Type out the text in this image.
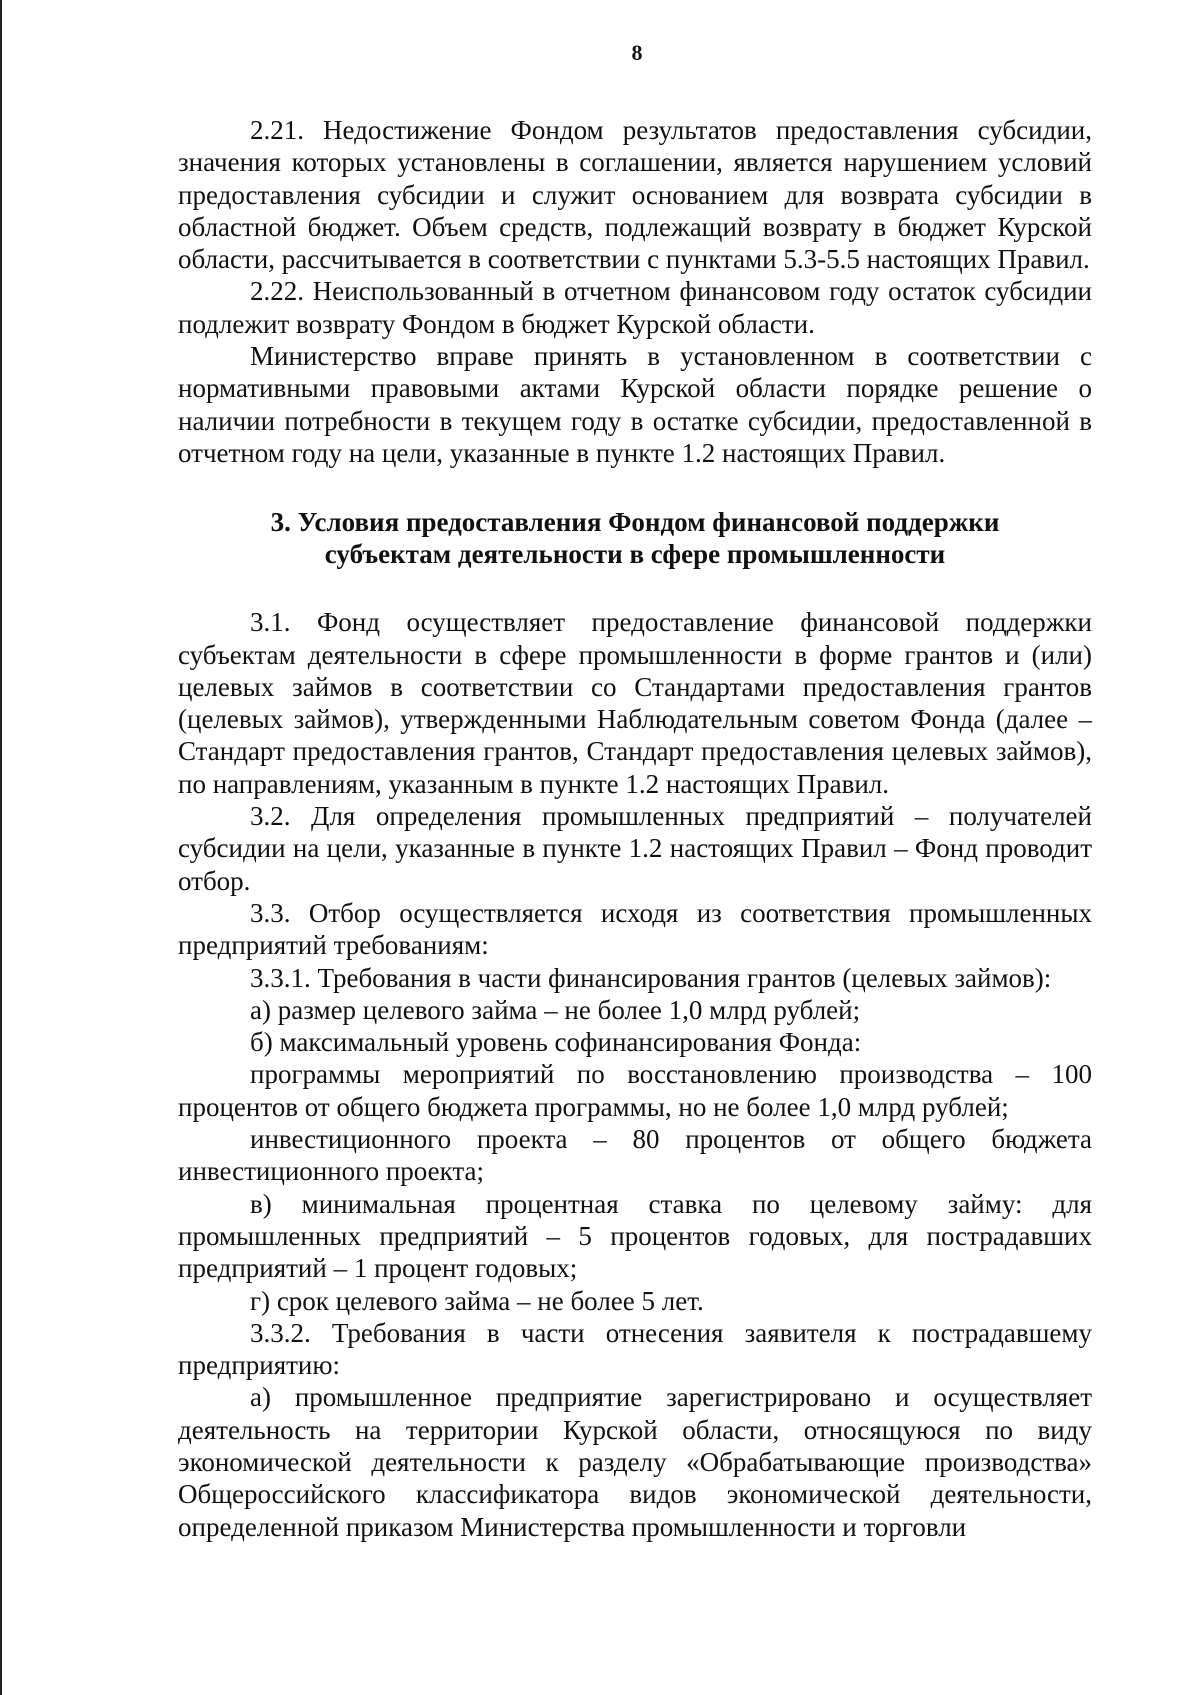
8

2.21. Недостижение Фондом результатов предоставления субсидии, значения которых установлены в соглашении, является нарушением условий предоставления субсидии и служит основанием для возврата субсидии в областной бюджет. Объем средств, подлежащий возврату в бюджет Курской области, рассчитывается в соответствии с пунктами 5.3-5.5 настоящих Правил.

2.22. Неиспользованный в отчетном финансовом году остаток субсидии подлежит возврату Фондом в бюджет Курской области.

Министерство вправе принять в установленном в соответствии с нормативными правовыми актами Курской области порядке решение о наличии потребности в текущем году в остатке субсидии, предоставленной в отчетном году на цели, указанные в пункте 1.2 настоящих Правил.

3. Условия предоставления Фондом финансовой поддержки
субъектам деятельности в сфере промышленности

3.1. Фонд осуществляет предоставление финансовой поддержки субъектам деятельности в сфере промышленности в форме грантов и (или) целевых займов в соответствии со Стандартами предоставления грантов (целевых займов), утвержденными Наблюдательным советом Фонда (далее – Стандарт предоставления грантов, Стандарт предоставления целевых займов), по направлениям, указанным в пункте 1.2 настоящих Правил.

3.2. Для определения промышленных предприятий – получателей субсидии на цели, указанные в пункте 1.2 настоящих Правил – Фонд проводит отбор.

3.3. Отбор осуществляется исходя из соответствия промышленных предприятий требованиям:

3.3.1. Требования в части финансирования грантов (целевых займов):

а) размер целевого займа – не более 1,0 млрд рублей;

б) максимальный уровень софинансирования Фонда:

программы мероприятий по восстановлению производства – 100 процентов от общего бюджета программы, но не более 1,0 млрд рублей;

инвестиционного проекта – 80 процентов от общего бюджета инвестиционного проекта;

в) минимальная процентная ставка по целевому займу: для промышленных предприятий – 5 процентов годовых, для пострадавших предприятий – 1 процент годовых;

г) срок целевого займа – не более 5 лет.

3.3.2. Требования в части отнесения заявителя к пострадавшему предприятию:

а) промышленное предприятие зарегистрировано и осуществляет деятельность на территории Курской области, относящуюся по виду экономической деятельности к разделу «Обрабатывающие производства» Общероссийского классификатора видов экономической деятельности, определенной приказом Министерства промышленности и торговли
